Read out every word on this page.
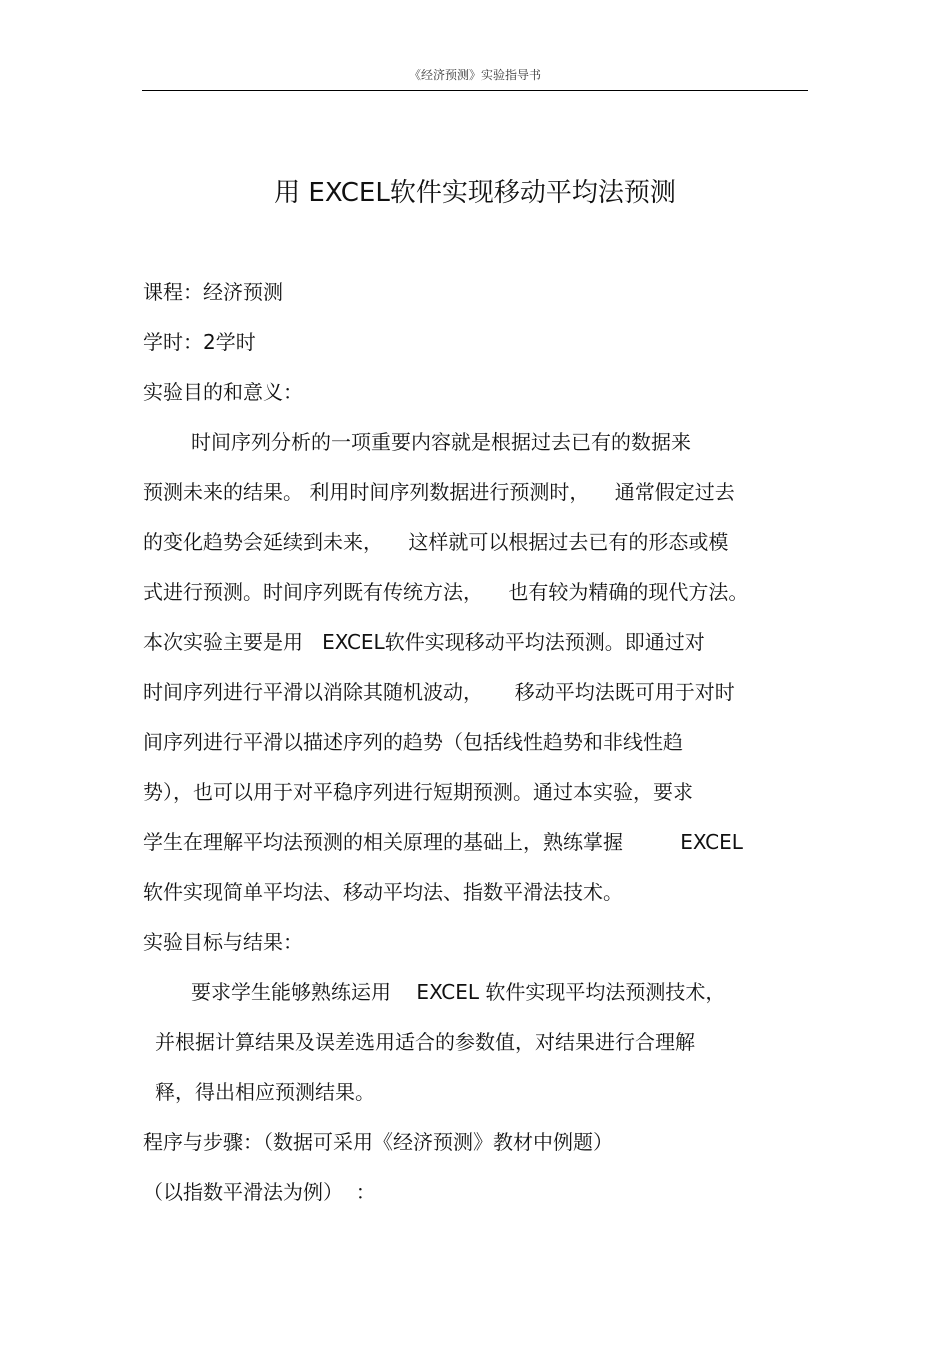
《经济预测》实验指导书
用 EXCEL软件实现移动平均法预测
课程：经济预测
学时：2学时
实验目的和意义：
时间序列分析的一项重要内容就是根据过去已有的数据来
预测未来的结果。 利用时间序列数据进行预测时，    通常假定过去
的变化趋势会延续到未来，    这样就可以根据过去已有的形态或模
式进行预测。时间序列既有传统方法，    也有较为精确的现代方法。
本次实验主要是用   EXCEL软件实现移动平均法预测。即通过对
时间序列进行平滑以消除其随机波动，     移动平均法既可用于对时
间序列进行平滑以描述序列的趋势（包括线性趋势和非线性趋
势），也可以用于对平稳序列进行短期预测。通过本实验，要求
学生在理解平均法预测的相关原理的基础上，熟练掌握         EXCEL
软件实现简单平均法、移动平均法、指数平滑法技术。
实验目标与结果：
要求学生能够熟练运用    EXCEL 软件实现平均法预测技术，
并根据计算结果及误差选用适合的参数值，对结果进行合理解
释，得出相应预测结果。
程序与步骤：（数据可采用《经济预测》教材中例题）
（以指数平滑法为例）  ：
